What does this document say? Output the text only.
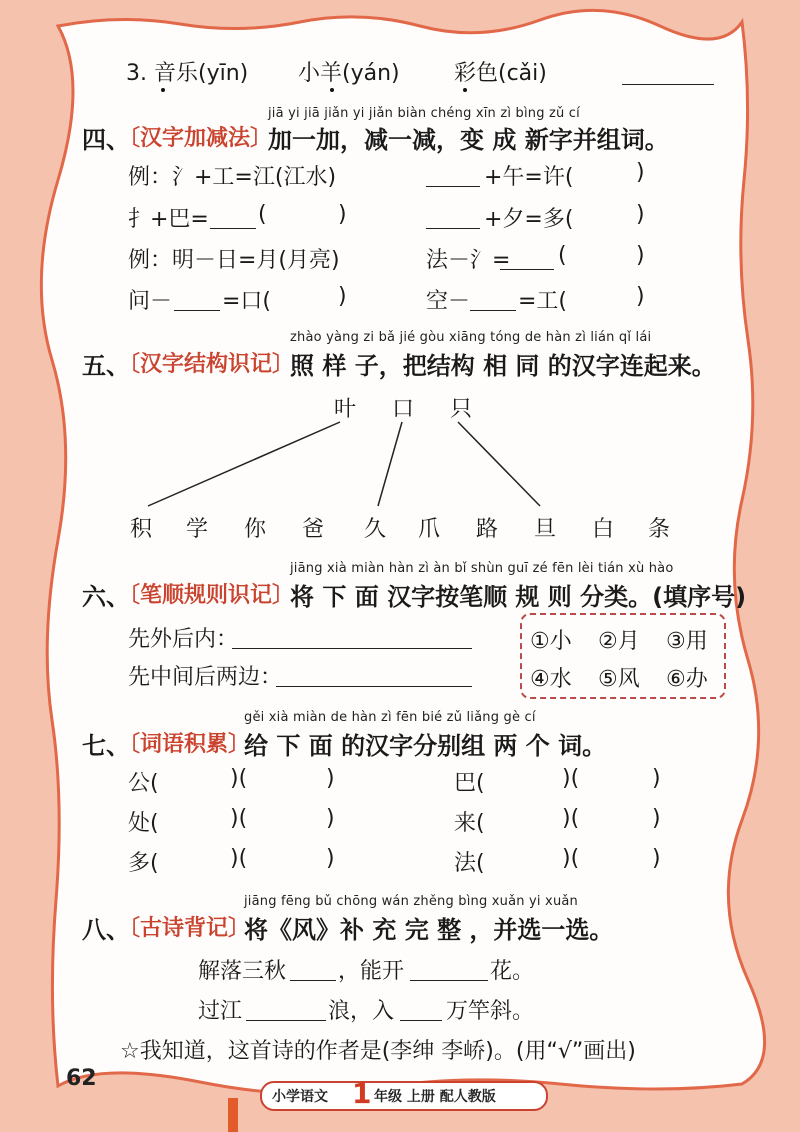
3. 音乐(yīn) 小羊(yán) 彩色(cǎi)
jiā yi jiā jiǎn yi jiǎn biàn chéng xīn zì bìng zǔ cí
四、
〔汉字加减法〕
加一加，减一减，变 成 新字并组词。
例：氵+工=江(江水)	+午=许(	)
扌+巴= (	)	+夕=多(	)
例：明－日=月(月亮)	法－氵= (	)
问－ =口(	)	空－ =工(	)
zhào yàng zi bǎ jié gòu xiāng tóng de hàn zì lián qǐ lái
五、
〔汉字结构识记〕
照 样 子，把结构 相 同 的汉字连起来。
叶 口 只
积 学 你 爸 久 爪 路 旦 白 条
jiāng xià miàn hàn zì àn bǐ shùn guī zé fēn lèi tián xù hào
六、
〔笔顺规则识记〕
将 下 面 汉字按笔顺 规 则 分类。(填序号)
先外后内：
先中间后两边：
①小 ②月 ③用
④水 ⑤风 ⑥办
gěi xià miàn de hàn zì fēn bié zǔ liǎng gè cí
七、
〔词语积累〕
给 下 面 的汉字分别组 两 个 词。
公(	)(	)	巴(	)(	)
处(	)(	)	来(	)(	)
多(	)(	)	法(	)(	)
jiāng fēng bǔ chōng wán zhěng bìng xuǎn yi xuǎn
八、
〔古诗背记〕
将《风》补 充 完 整 ，并选一选。
解落三秋 ，能开	花。
过江	浪，入 万竿斜。
☆我知道，这首诗的作者是(李绅 李峤)。(用“√”画出)
62
小学语文 1 年级 上册 配人教版
